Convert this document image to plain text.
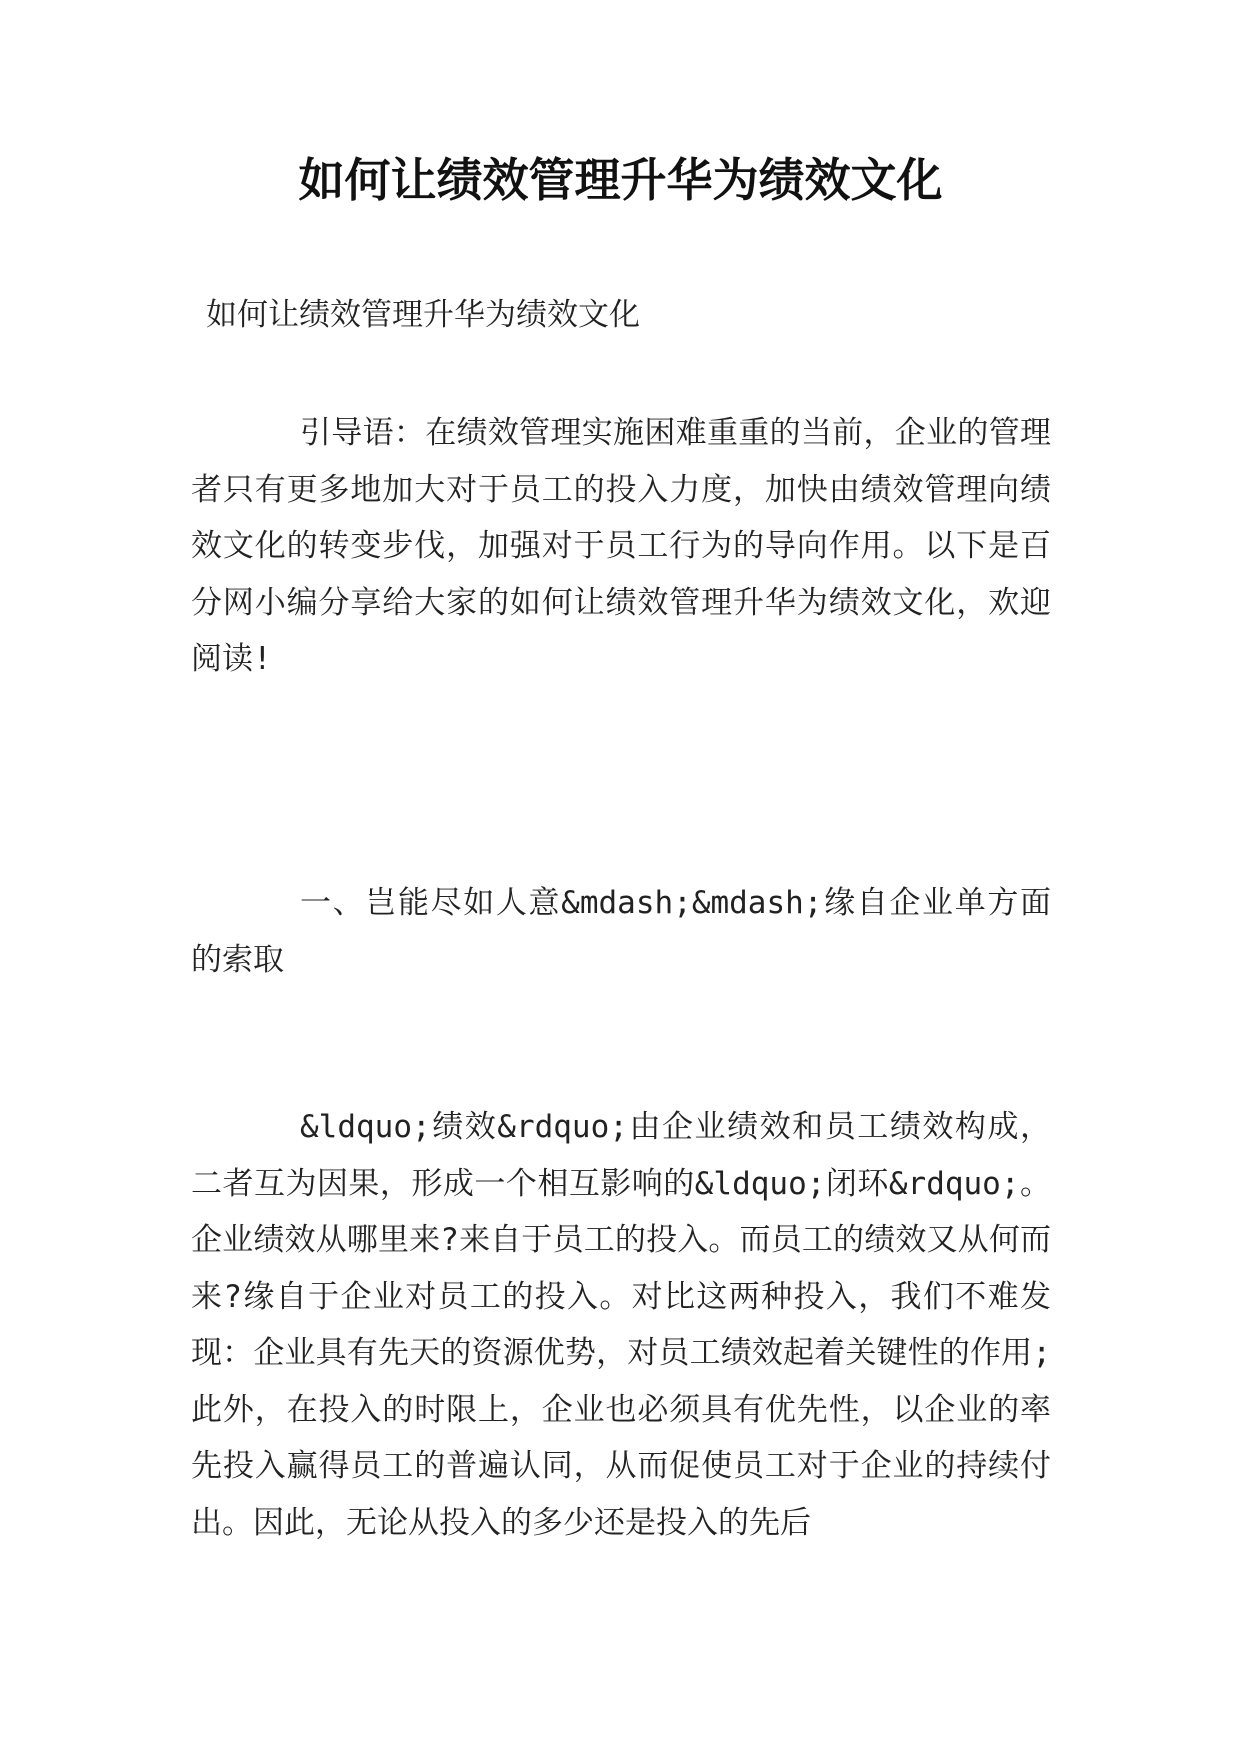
如何让绩效管理升华为绩效文化
如何让绩效管理升华为绩效文化

引导语：在绩效管理实施困难重重的当前，企业的管理者只有更多地加大对于员工的投入力度，加快由绩效管理向绩效文化的转变步伐，加强对于员工行为的导向作用。以下是百分网小编分享给大家的如何让绩效管理升华为绩效文化，欢迎阅读!

一、岂能尽如人意&mdash;&mdash;缘自企业单方面的索取

&ldquo;绩效&rdquo;由企业绩效和员工绩效构成，二者互为因果，形成一个相互影响的&ldquo;闭环&rdquo;。企业绩效从哪里来?来自于员工的投入。而员工的绩效又从何而来?缘自于企业对员工的投入。对比这两种投入，我们不难发现：企业具有先天的资源优势，对员工绩效起着关键性的作用;此外，在投入的时限上，企业也必须具有优先性，以企业的率先投入赢得员工的普遍认同，从而促使员工对于企业的持续付出。因此，无论从投入的多少还是投入的先后
